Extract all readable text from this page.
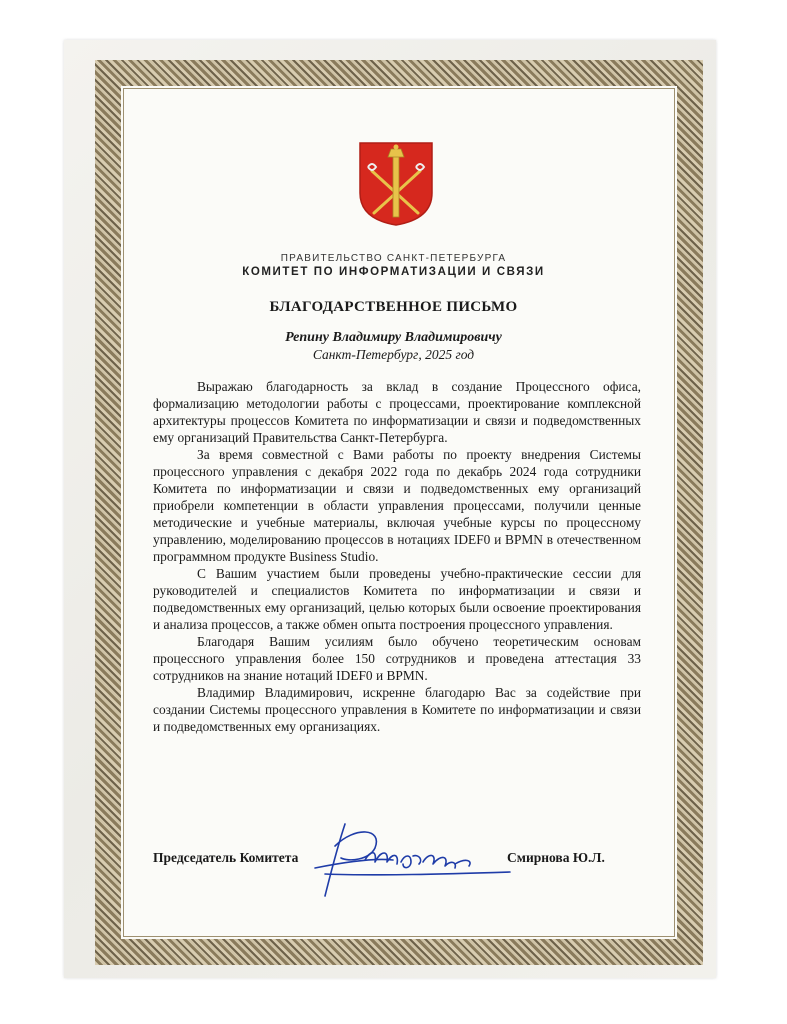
ПРАВИТЕЛЬСТВО САНКТ-ПЕТЕРБУРГА
КОМИТЕТ ПО ИНФОРМАТИЗАЦИИ И СВЯЗИ
БЛАГОДАРСТВЕННОЕ ПИСЬМО
Репину Владимиру Владимировичу
Санкт-Петербург, 2025 год

Выражаю благодарность за вклад в создание Процессного офиса, формализацию методологии работы с процессами, проектирование комплексной архитектуры процессов Комитета по информатизации и связи и подведомственных ему организаций Правительства Санкт-Петербурга.

За время совместной с Вами работы по проекту внедрения Системы процессного управления с декабря 2022 года по декабрь 2024 года сотрудники Комитета по информатизации и связи и подведомственных ему организаций приобрели компетенции в области управления процессами, получили ценные методические и учебные материалы, включая учебные курсы по процессному управлению, моделированию процессов в нотациях IDEF0 и BPMN в отечественном программном продукте Business Studio.

С Вашим участием были проведены учебно-практические сессии для руководителей и специалистов Комитета по информатизации и связи и подведомственных ему организаций, целью которых были освоение проектирования и анализа процессов, а также обмен опыта построения процессного управления.

Благодаря Вашим усилиям было обучено теоретическим основам процессного управления более 150 сотрудников и проведена аттестация 33 сотрудников на знание нотаций IDEF0 и BPMN.

Владимир Владимирович, искренне благодарю Вас за содействие при создании Системы процессного управления в Комитете по информатизации и связи и подведомственных ему организациях.

Председатель Комитета	Смирнова Ю.Л.
